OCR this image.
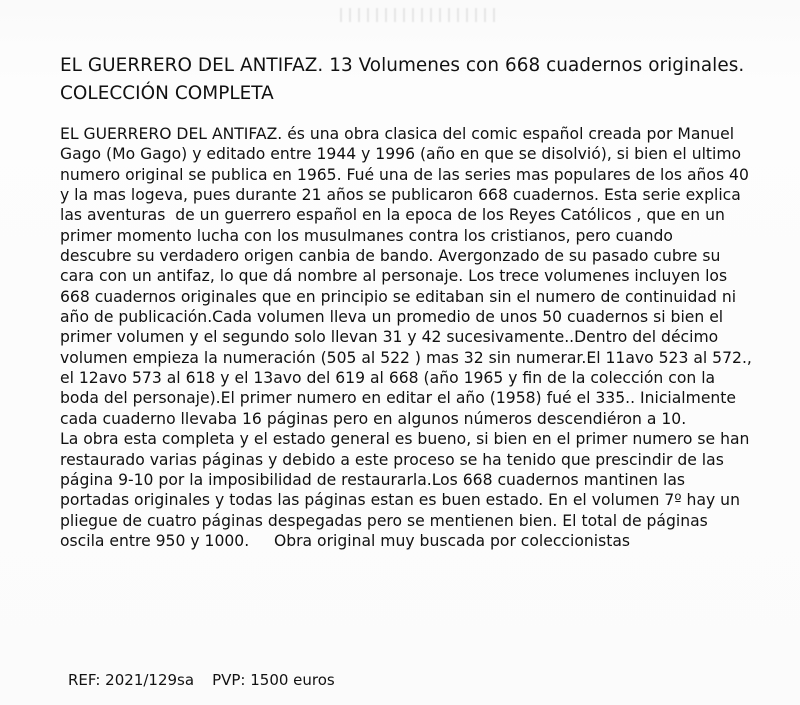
EL GUERRERO DEL ANTIFAZ. 13 Volumenes con 668 cuadernos originales.
COLECCIÓN COMPLETA
EL GUERRERO DEL ANTIFAZ. és una obra clasica del comic español creada por Manuel
Gago (Mo Gago) y editado entre 1944 y 1996 (año en que se disolvió), si bien el ultimo
numero original se publica en 1965. Fué una de las series mas populares de los años 40
y la mas logeva, pues durante 21 años se publicaron 668 cuadernos. Esta serie explica
las aventuras  de un guerrero español en la epoca de los Reyes Católicos , que en un
primer momento lucha con los musulmanes contra los cristianos, pero cuando
descubre su verdadero origen canbia de bando. Avergonzado de su pasado cubre su
cara con un antifaz, lo que dá nombre al personaje. Los trece volumenes incluyen los
668 cuadernos originales que en principio se editaban sin el numero de continuidad ni
año de publicación.Cada volumen lleva un promedio de unos 50 cuadernos si bien el
primer volumen y el segundo solo llevan 31 y 42 sucesivamente..Dentro del décimo
volumen empieza la numeración (505 al 522 ) mas 32 sin numerar.El 11avo 523 al 572.,
el 12avo 573 al 618 y el 13avo del 619 al 668 (año 1965 y fin de la colección con la
boda del personaje).El primer numero en editar el año (1958) fué el 335.. Inicialmente
cada cuaderno llevaba 16 páginas pero en algunos números descendiéron a 10.
La obra esta completa y el estado general es bueno, si bien en el primer numero se han
restaurado varias páginas y debido a este proceso se ha tenido que prescindir de las
página 9-10 por la imposibilidad de restaurarla.Los 668 cuadernos mantinen las
portadas originales y todas las páginas estan es buen estado. En el volumen 7º hay un
pliegue de cuatro páginas despegadas pero se mentienen bien. El total de páginas
oscila entre 950 y 1000.     Obra original muy buscada por coleccionistas
REF: 2021/129sa PVP: 1500 euros
